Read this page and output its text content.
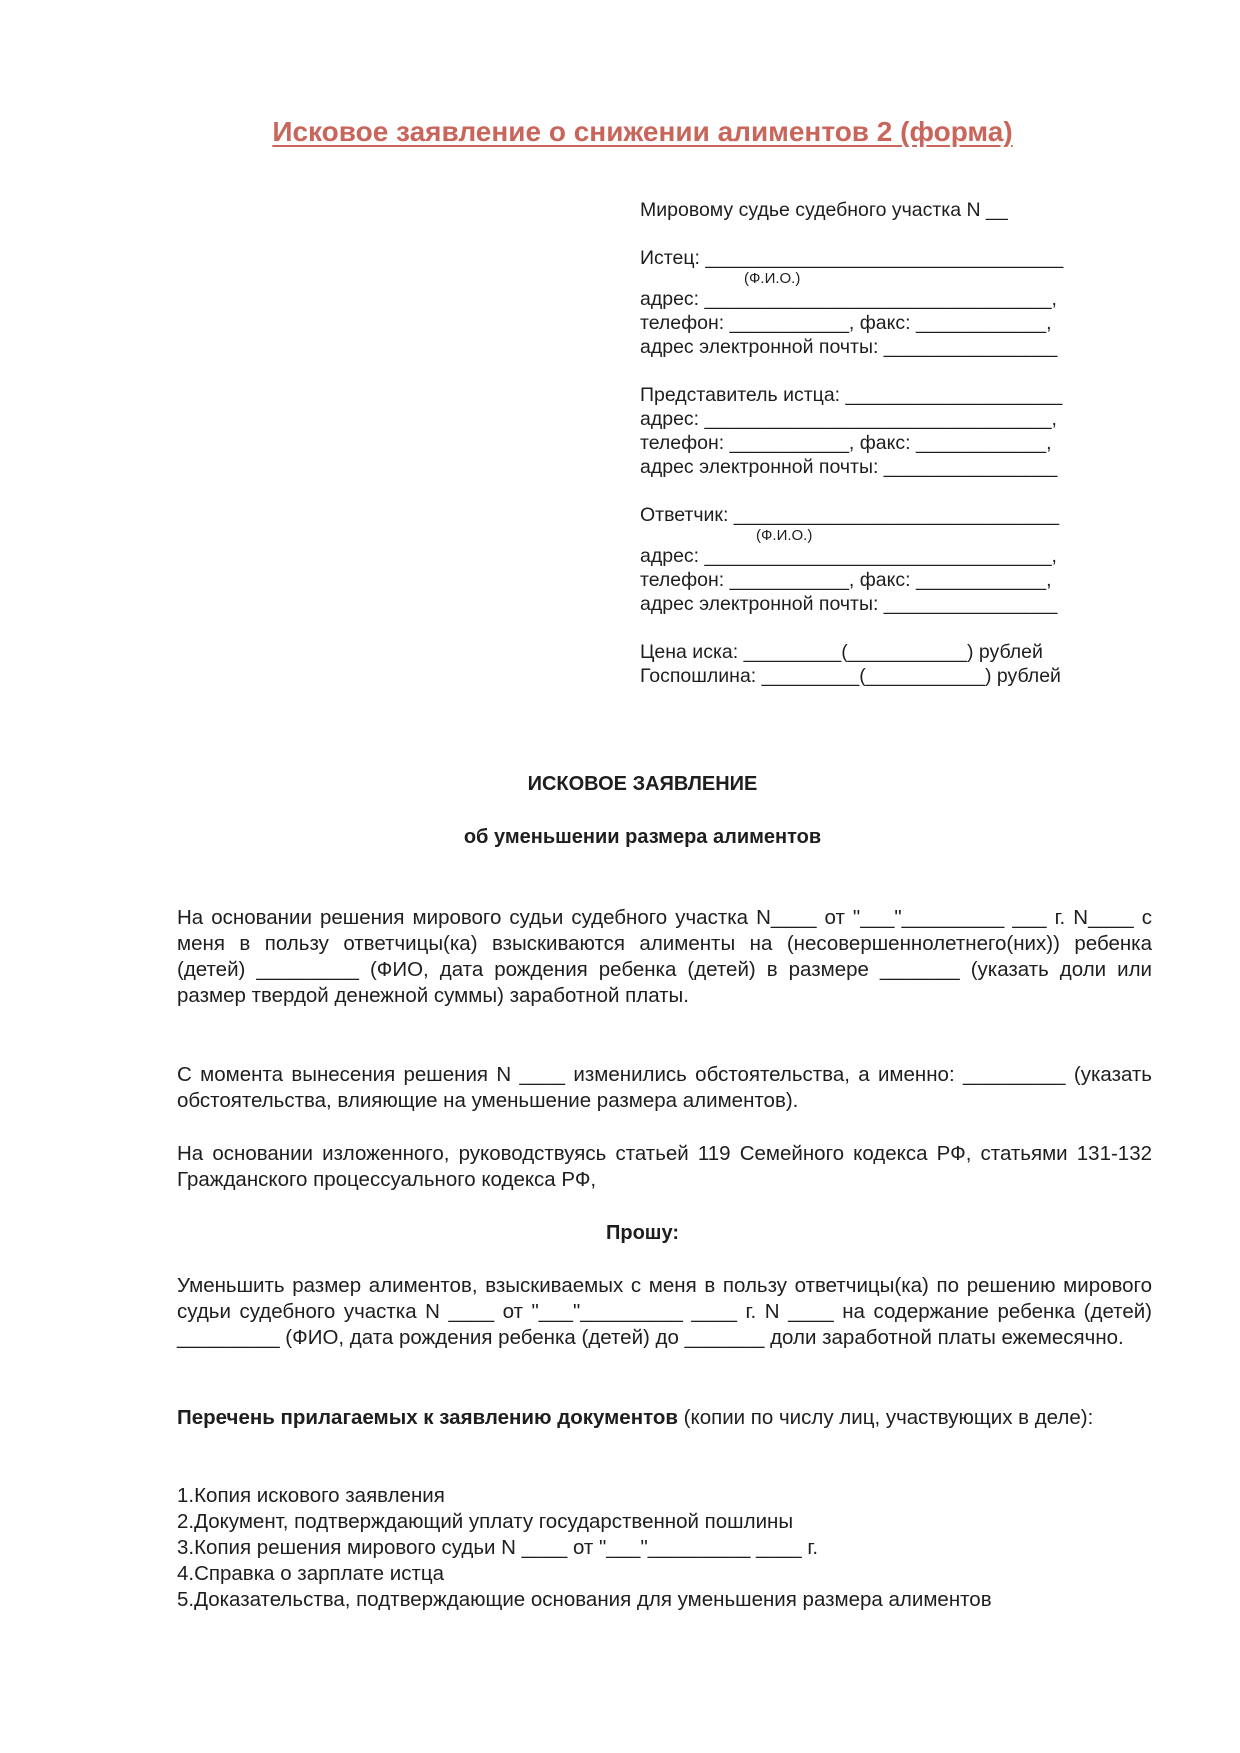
Исковое заявление о снижении алиментов 2 (форма)
Мировому судье судебного участка N __
Истец: _________________________________
(Ф.И.О.)
адрес: ________________________________,
телефон: ___________, факс: ____________,
адрес электронной почты: ________________
Представитель истца: ____________________
адрес: ________________________________,
телефон: ___________, факс: ____________,
адрес электронной почты: ________________
Ответчик: ______________________________
(Ф.И.О.)
адрес: ________________________________,
телефон: ___________, факс: ____________,
адрес электронной почты: ________________
Цена иска: _________(___________) рублей
Госпошлина: _________(___________) рублей
ИСКОВОЕ ЗАЯВЛЕНИЕ
об уменьшении размера алиментов

На основании решения мирового судьи судебного участка N____ от "___"_________ ___ г. N____ с меня в пользу ответчицы(ка) взыскиваются алименты на (несовершеннолетнего(них)) ребенка (детей) _________ (ФИО, дата рождения ребенка (детей) в размере _______ (указать доли или размер твердой денежной суммы) заработной платы.

С момента вынесения решения N ____ изменились обстоятельства, а именно: _________ (указать обстоятельства, влияющие на уменьшение размера алиментов).

На основании изложенного, руководствуясь статьей 119 Семейного кодекса РФ, статьями 131-132 Гражданского процессуального кодекса РФ,

Прошу:

Уменьшить размер алиментов, взыскиваемых с меня в пользу ответчицы(ка) по решению мирового судьи судебного участка N ____ от "___"_________ ____ г. N ____ на содержание ребенка (детей) _________ (ФИО, дата рождения ребенка (детей) до _______ доли заработной платы ежемесячно.

Перечень прилагаемых к заявлению документов (копии по числу лиц, участвующих в деле):

1.Копия искового заявления
2.Документ, подтверждающий уплату государственной пошлины
3.Копия решения мирового судьи N ____ от "___"_________ ____ г.
4.Справка о зарплате истца
5.Доказательства, подтверждающие основания для уменьшения размера алиментов
